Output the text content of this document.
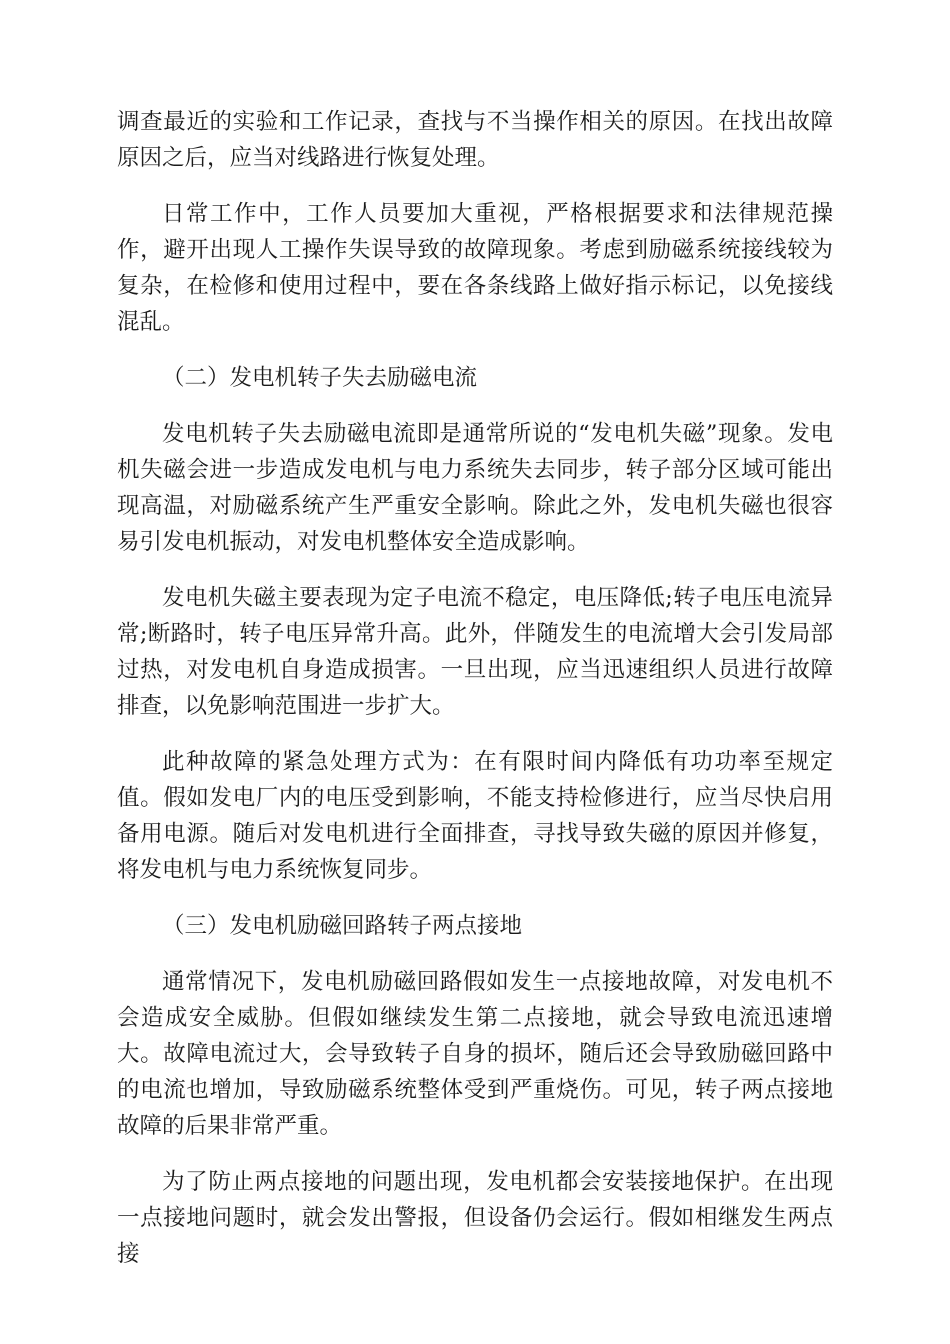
调查最近的实验和工作记录，查找与不当操作相关的原因。在找出故障原因之后，应当对线路进行恢复处理。

日常工作中，工作人员要加大重视，严格根据要求和法律规范操作，避开出现人工操作失误导致的故障现象。考虑到励磁系统接线较为复杂，在检修和使用过程中，要在各条线路上做好指示标记，以免接线混乱。

（二）发电机转子失去励磁电流

发电机转子失去励磁电流即是通常所说的“发电机失磁”现象。发电机失磁会进一步造成发电机与电力系统失去同步，转子部分区域可能出现高温，对励磁系统产生严重安全影响。除此之外，发电机失磁也很容易引发电机振动，对发电机整体安全造成影响。

发电机失磁主要表现为定子电流不稳定，电压降低;转子电压电流异常;断路时，转子电压异常升高。此外，伴随发生的电流增大会引发局部过热，对发电机自身造成损害。一旦出现，应当迅速组织人员进行故障排查，以免影响范围进一步扩大。

此种故障的紧急处理方式为：在有限时间内降低有功功率至规定值。假如发电厂内的电压受到影响，不能支持检修进行，应当尽快启用备用电源。随后对发电机进行全面排查，寻找导致失磁的原因并修复，将发电机与电力系统恢复同步。

（三）发电机励磁回路转子两点接地

通常情况下，发电机励磁回路假如发生一点接地故障，对发电机不会造成安全威胁。但假如继续发生第二点接地，就会导致电流迅速增大。故障电流过大，会导致转子自身的损坏，随后还会导致励磁回路中的电流也增加，导致励磁系统整体受到严重烧伤。可见，转子两点接地故障的后果非常严重。

为了防止两点接地的问题出现，发电机都会安装接地保护。在出现一点接地问题时，就会发出警报，但设备仍会运行。假如相继发生两点接
